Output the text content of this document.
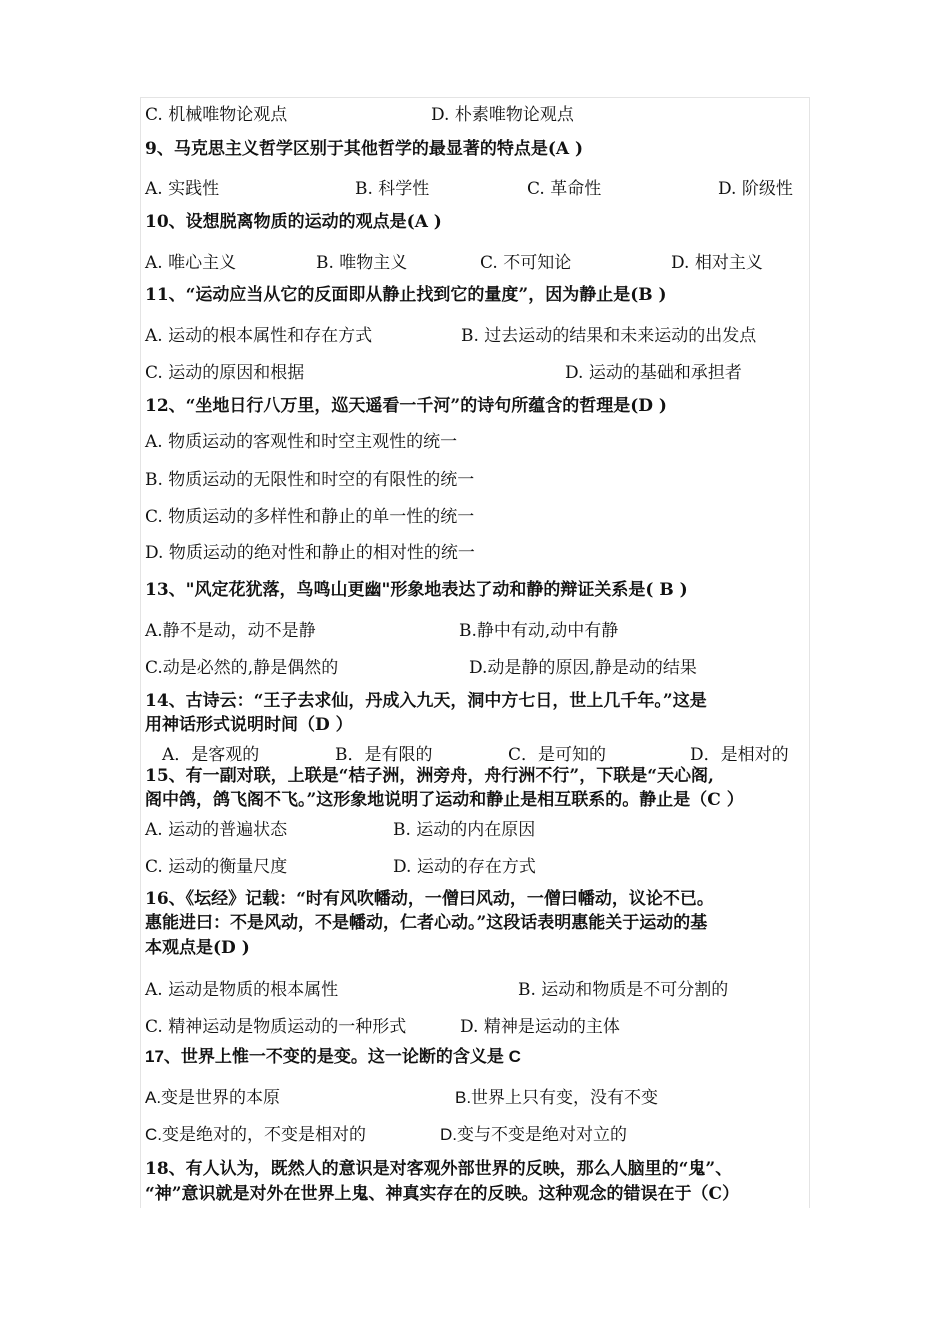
C. 机械唯物论观点	D. 朴素唯物论观点
9、马克思主义哲学区别于其他哲学的最显著的特点是(A )
A. 实践性	B. 科学性	C. 革命性	D. 阶级性
10、设想脱离物质的运动的观点是(A )
A. 唯心主义	B. 唯物主义	C. 不可知论	D. 相对主义
11、“运动应当从它的反面即从静止找到它的量度”，因为静止是(B )
A. 运动的根本属性和存在方式	B. 过去运动的结果和未来运动的出发点
C. 运动的原因和根据	D. 运动的基础和承担者
12、“坐地日行八万里，巡天遥看一千河”的诗句所蕴含的哲理是(D )
A. 物质运动的客观性和时空主观性的统一
B. 物质运动的无限性和时空的有限性的统一
C. 物质运动的多样性和静止的单一性的统一
D. 物质运动的绝对性和静止的相对性的统一
13、"风定花犹落，鸟鸣山更幽"形象地表达了动和静的辩证关系是( B )
A.静不是动，动不是静	B.静中有动,动中有静
C.动是必然的,静是偶然的	D.动是静的原因,静是动的结果
14、古诗云：“王子去求仙，丹成入九天，洞中方七日，世上几千年。”这是
用神话形式说明时间（D ）
A．是客观的	B．是有限的	C．是可知的	D．是相对的
15、有一副对联，上联是“桔子洲，洲旁舟，舟行洲不行”，下联是“天心阁,
阁中鸽，鸽飞阁不飞。”这形象地说明了运动和静止是相互联系的。静止是（C ）
A. 运动的普遍状态	B. 运动的内在原因
C. 运动的衡量尺度	D. 运动的存在方式
16、《坛经》记载：“时有风吹幡动，一僧曰风动，一僧曰幡动，议论不已。
惠能进曰：不是风动，不是幡动，仁者心动。”这段话表明惠能关于运动的基
本观点是(D )
A. 运动是物质的根本属性	B. 运动和物质是不可分割的
C. 精神运动是物质运动的一种形式	D. 精神是运动的主体
17、世界上惟一不变的是变。这一论断的含义是 C
A.变是世界的本原	B.世界上只有变，没有不变
C.变是绝对的，不变是相对的	D.变与不变是绝对对立的
18、有人认为，既然人的意识是对客观外部世界的反映，那么人脑里的“鬼”、
“神”意识就是对外在世界上鬼、神真实存在的反映。这种观念的错误在于（C）
